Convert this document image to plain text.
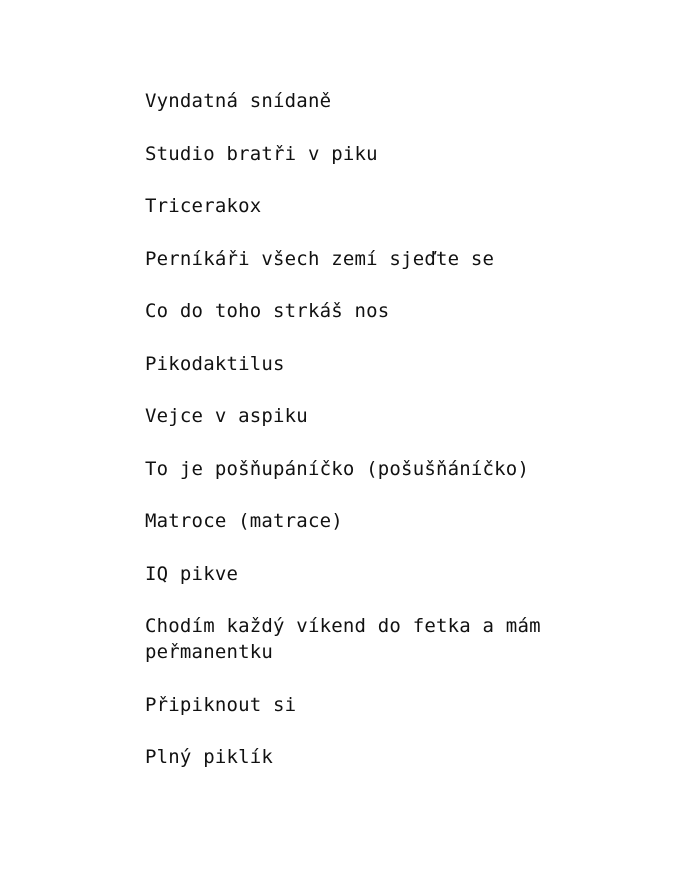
Vyndatná snídaně
Studio bratři v piku
Tricerakox
Perníkáři všech zemí sjeďte se
Co do toho strkáš nos
Pikodaktilus
Vejce v aspiku
To je pošňupáníčko (pošušňáníčko)
Matroce (matrace)
IQ pikve
Chodím každý víkend do fetka a mám peřmanentku
Připiknout si
Plný piklík
